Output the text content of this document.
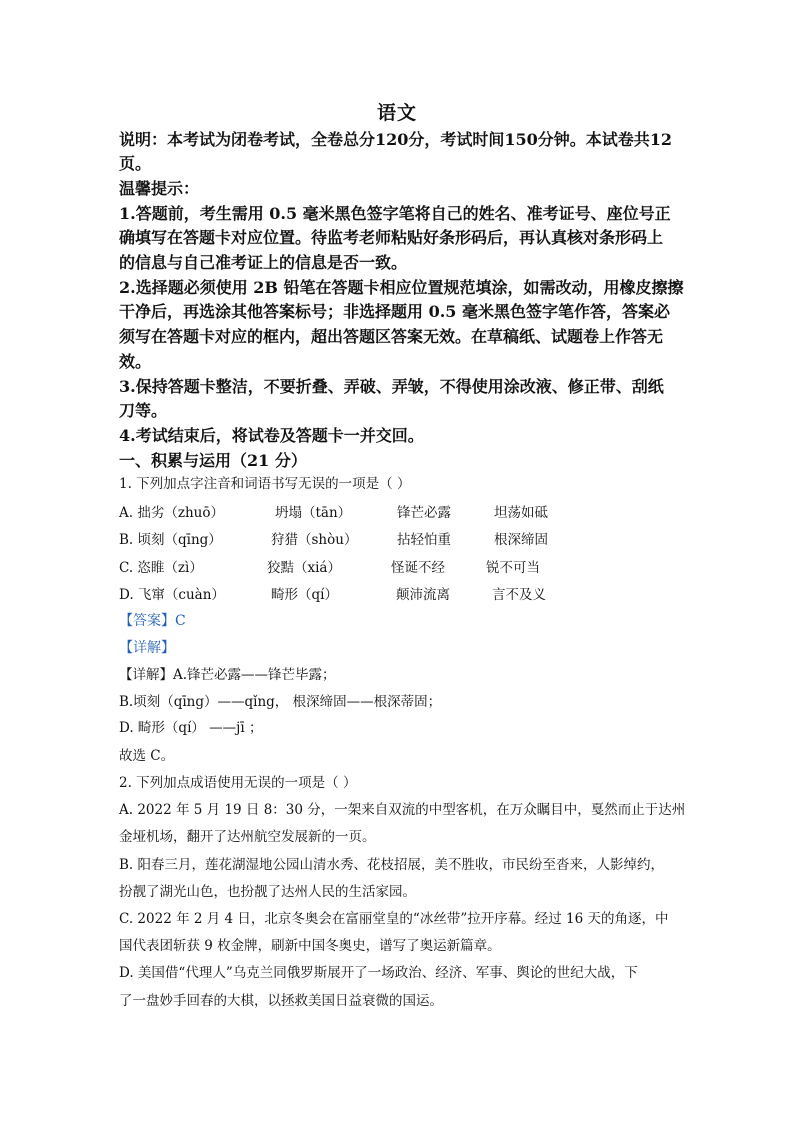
语文
说明：本考试为闭卷考试，全卷总分120分，考试时间150分钟。本试卷共12
页。
温馨提示：
1.答题前，考生需用 0.5 毫米黑色签字笔将自己的姓名、准考证号、座位号正
确填写在答题卡对应位置。待监考老师粘贴好条形码后，再认真核对条形码上
的信息与自己准考证上的信息是否一致。
2.选择题必须使用 2B 铅笔在答题卡相应位置规范填涂，如需改动，用橡皮擦擦
干净后，再选涂其他答案标号；非选择题用 0.5 毫米黑色签字笔作答，答案必
须写在答题卡对应的框内，超出答题区答案无效。在草稿纸、试题卷上作答无
效。
3.保持答题卡整洁，不要折叠、弄破、弄皱，不得使用涂改液、修正带、刮纸
刀等。
4.考试结束后，将试卷及答题卡一并交回。
一、积累与运用（21 分）
1. 下列加点字注音和词语书写无误的一项是（ ）
A. 拙劣（zhuō）	坍塌（tān）	锋芒必露	坦荡如砥
B. 顷刻（qīng）	狩猎（shòu）	拈轻怕重	根深缔固
C. 恣睢（zì）	狡黠（xiá）	怪诞不经	锐不可当
D. 飞窜（cuàn）	畸形（qí）	颠沛流离	言不及义
【答案】C
【详解】
【详解】A.锋芒必露——锋芒毕露；
B.顷刻（qīng）——qǐng， 根深缔固——根深蒂固；
D. 畸形（qí） ——jī ；
故选 C。
2. 下列加点成语使用无误的一项是（ ）
A. 2022 年 5 月 19 日 8：30 分，一架来自双流的中型客机，在万众瞩目中，戛然而止于达州
金垭机场，翻开了达州航空发展新的一页。
B. 阳春三月，莲花湖湿地公园山清水秀、花枝招展，美不胜收，市民纷至沓来，人影绰约，
扮靓了湖光山色，也扮靓了达州人民的生活家园。
C. 2022 年 2 月 4 日，北京冬奥会在富丽堂皇的“冰丝带”拉开序幕。经过 16 天的角逐，中
国代表团斩获 9 枚金牌，刷新中国冬奥史，谱写了奥运新篇章。
D. 美国借“代理人”乌克兰同俄罗斯展开了一场政治、经济、军事、舆论的世纪大战，下
了一盘妙手回春的大棋，以拯救美国日益衰微的国运。
